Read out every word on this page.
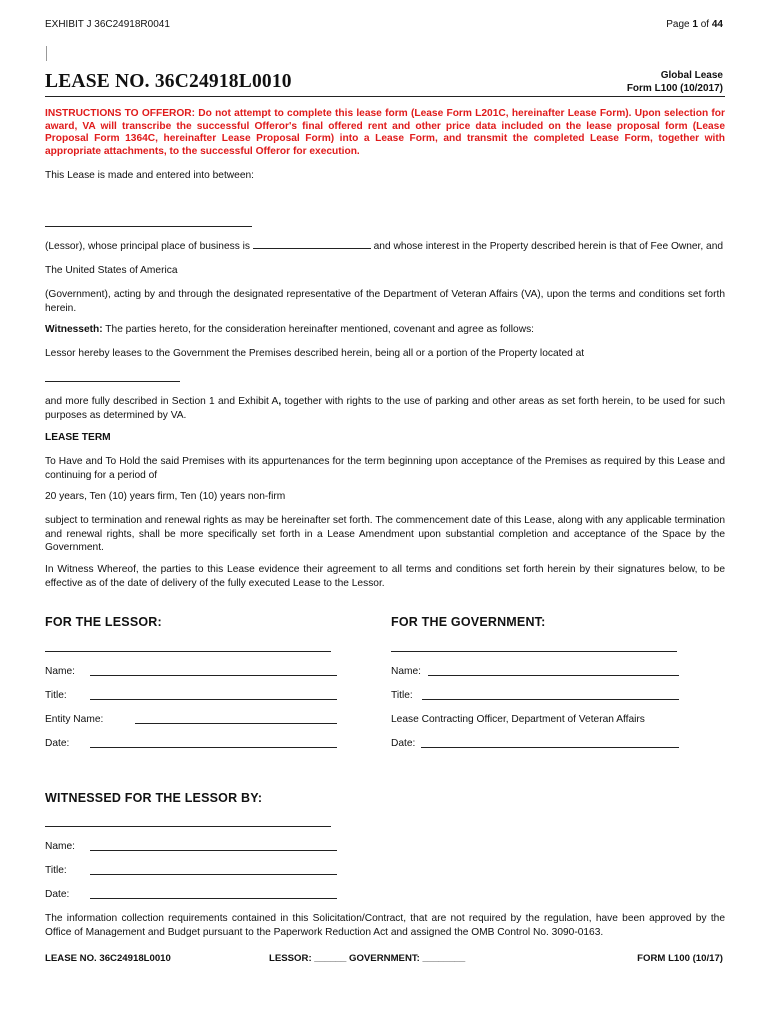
EXHIBIT J 36C24918R0041	Page 1 of 44
LEASE NO. 36C24918L0010	Global Lease
Form L100 (10/2017)
INSTRUCTIONS TO OFFEROR: Do not attempt to complete this lease form (Lease Form L201C, hereinafter Lease Form). Upon selection for award, VA will transcribe the successful Offeror's final offered rent and other price data included on the lease proposal form (Lease Proposal Form 1364C, hereinafter Lease Proposal Form) into a Lease Form, and transmit the completed Lease Form, together with appropriate attachments, to the successful Offeror for execution.
This Lease is made and entered into between:
(Lessor), whose principal place of business is	and whose interest in the Property described herein is that of Fee Owner, and
The United States of America
(Government), acting by and through the designated representative of the Department of Veteran Affairs (VA), upon the terms and conditions set forth herein.
Witnesseth: The parties hereto, for the consideration hereinafter mentioned, covenant and agree as follows:
Lessor hereby leases to the Government the Premises described herein, being all or a portion of the Property located at
and more fully described in Section 1 and Exhibit A, together with rights to the use of parking and other areas as set forth herein, to be used for such purposes as determined by VA.
LEASE TERM
To Have and To Hold the said Premises with its appurtenances for the term beginning upon acceptance of the Premises as required by this Lease and continuing for a period of
20 years, Ten (10) years firm, Ten (10) years non-firm
subject to termination and renewal rights as may be hereinafter set forth. The commencement date of this Lease, along with any applicable termination and renewal rights, shall be more specifically set forth in a Lease Amendment upon substantial completion and acceptance of the Space by the Government.
In Witness Whereof, the parties to this Lease evidence their agreement to all terms and conditions set forth herein by their signatures below, to be effective as of the date of delivery of the fully executed Lease to the Lessor.
FOR THE LESSOR:	FOR THE GOVERNMENT:
Name:
Title:
Entity Name:
Date:
Name:
Title:
Lease Contracting Officer, Department of Veteran Affairs
Date:
WITNESSED FOR THE LESSOR BY:
Name:
Title:
Date:
The information collection requirements contained in this Solicitation/Contract, that are not required by the regulation, have been approved by the Office of Management and Budget pursuant to the Paperwork Reduction Act and assigned the OMB Control No. 3090-0163.
LEASE NO. 36C24918L0010	LESSOR: ______ GOVERNMENT: ________	FORM L100 (10/17)
